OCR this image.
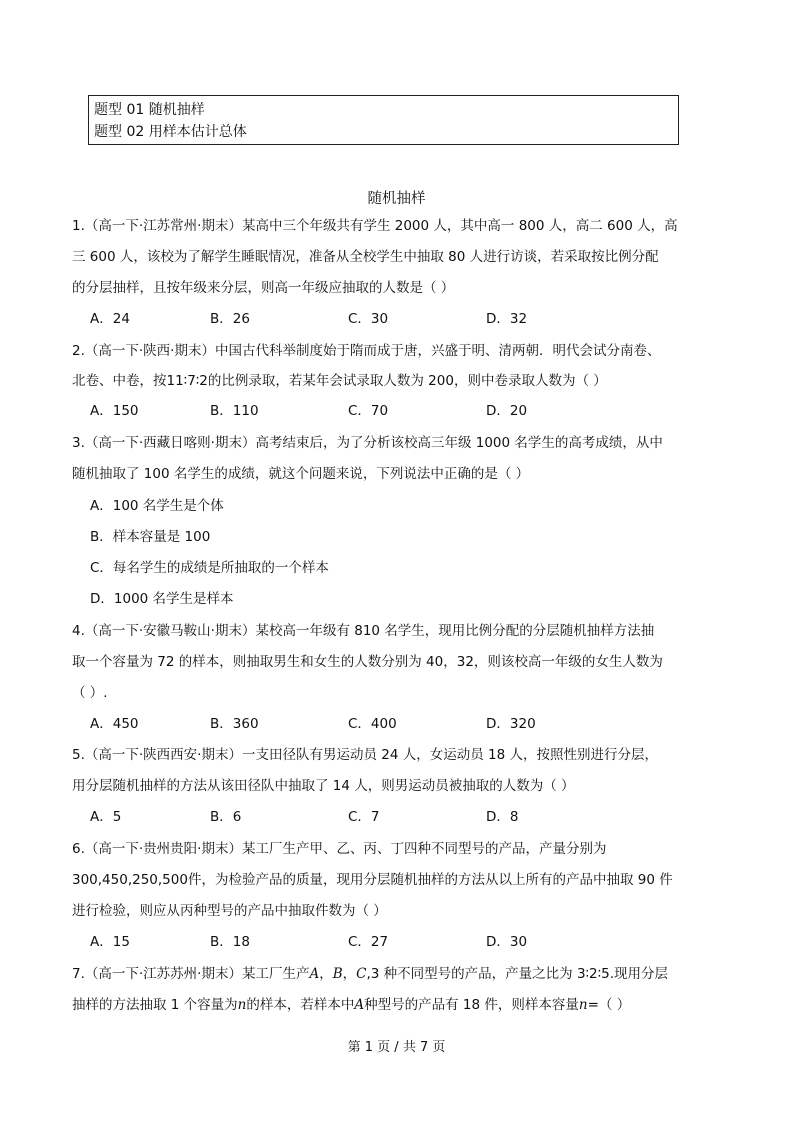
题型 01 随机抽样
题型 02 用样本估计总体
随机抽样
1.（高一下·江苏常州·期末）某高中三个年级共有学生 2000 人，其中高一 800 人，高二 600 人，高
三 600 人，该校为了解学生睡眠情况，准备从全校学生中抽取 80 人进行访谈，若采取按比例分配
的分层抽样，且按年级来分层，则高一年级应抽取的人数是（ ）
A．24	B．26	C．30	D．32
2.（高一下·陕西·期末）中国古代科举制度始于隋而成于唐，兴盛于明、清两朝．明代会试分南卷、
北卷、中卷，按11∶7∶2的比例录取，若某年会试录取人数为 200，则中卷录取人数为（ ）
A．150	B．110	C．70	D．20
3.（高一下·西藏日喀则·期末）高考结束后，为了分析该校高三年级 1000 名学生的高考成绩，从中
随机抽取了 100 名学生的成绩，就这个问题来说，下列说法中正确的是（ ）
A．100 名学生是个体
B．样本容量是 100
C．每名学生的成绩是所抽取的一个样本
D．1000 名学生是样本
4.（高一下·安徽马鞍山·期末）某校高一年级有 810 名学生，现用比例分配的分层随机抽样方法抽
取一个容量为 72 的样本，则抽取男生和女生的人数分别为 40，32，则该校高一年级的女生人数为
（ ）.
A．450	B．360	C．400	D．320
5.（高一下·陕西西安·期末）一支田径队有男运动员 24 人，女运动员 18 人，按照性别进行分层，
用分层随机抽样的方法从该田径队中抽取了 14 人，则男运动员被抽取的人数为（ ）
A．5	B．6	C．7	D．8
6.（高一下·贵州贵阳·期末）某工厂生产甲、乙、丙、丁四种不同型号的产品，产量分别为
300,450,250,500件，为检验产品的质量，现用分层随机抽样的方法从以上所有的产品中抽取 90 件
进行检验，则应从丙种型号的产品中抽取件数为（ ）
A．15	B．18	C．27	D．30
7.（高一下·江苏苏州·期末）某工厂生产A，B，C,3 种不同型号的产品，产量之比为 3∶2∶5.现用分层
抽样的方法抽取 1 个容量为n的样本，若样本中A种型号的产品有 18 件，则样本容量n=（ ）
第 1 页 / 共 7 页
